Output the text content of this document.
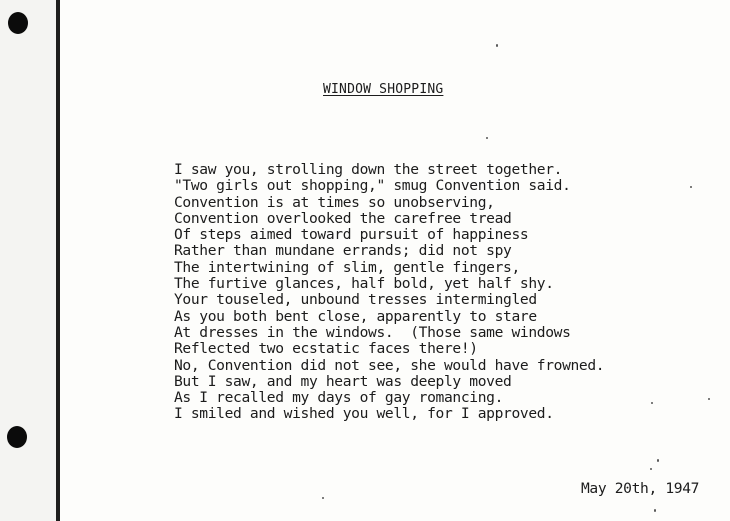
WINDOW SHOPPING
I saw you, strolling down the street together.
"Two girls out shopping," smug Convention said.
Convention is at times so unobserving,
Convention overlooked the carefree tread
Of steps aimed toward pursuit of happiness
Rather than mundane errands; did not spy
The intertwining of slim, gentle fingers,
The furtive glances, half bold, yet half shy.
Your touseled, unbound tresses intermingled
As you both bent close, apparently to stare
At dresses in the windows.  (Those same windows
Reflected two ecstatic faces there!)
No, Convention did not see, she would have frowned.
But I saw, and my heart was deeply moved
As I recalled my days of gay romancing.
I smiled and wished you well, for I approved.
May 20th, 1947
